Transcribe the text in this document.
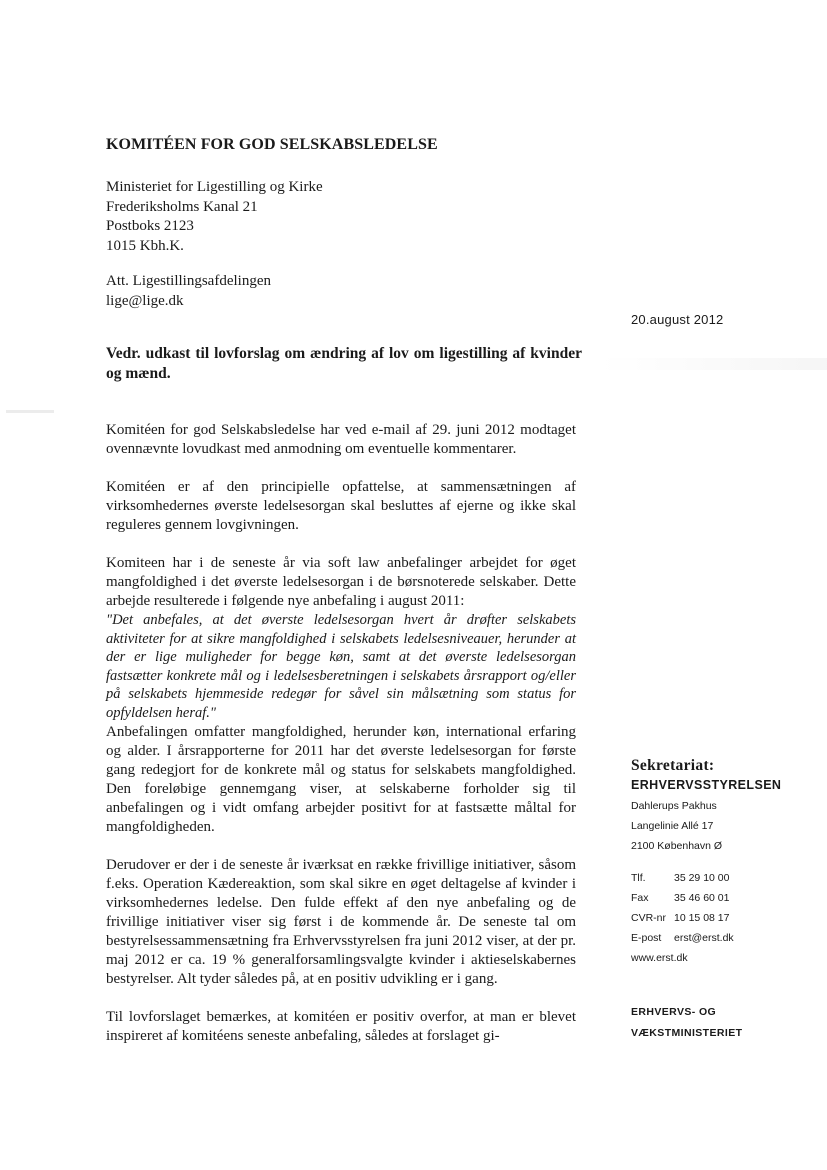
KOMITÉEN FOR GOD SELSKABSLEDELSE
Ministeriet for Ligestilling og Kirke
Frederiksholms Kanal 21
Postboks 2123
1015 Kbh.K.
Att. Ligestillingsafdelingen
lige@lige.dk
20.august 2012
Vedr. udkast til lovforslag om ændring af lov om ligestilling af kvinder og mænd.

Komitéen for god Selskabsledelse har ved e-mail af 29. juni 2012 modtaget ovennævnte lovudkast med anmodning om eventuelle kommentarer.

Komitéen er af den principielle opfattelse, at sammensætningen af virksomhedernes øverste ledelsesorgan skal besluttes af ejerne og ikke skal reguleres gennem lovgivningen.

Komiteen har i de seneste år via soft law anbefalinger arbejdet for øget mangfoldighed i det øverste ledelsesorgan i de børsnoterede selskaber. Dette arbejde resulterede i følgende nye anbefaling i august 2011:
"Det anbefales, at det øverste ledelsesorgan hvert år drøfter selskabets aktiviteter for at sikre mangfoldighed i selskabets ledelsesniveauer, herunder at der er lige muligheder for begge køn, samt at det øverste ledelsesorgan fastsætter konkrete mål og i ledelsesberetningen i selskabets årsrapport og/eller på selskabets hjemmeside redegør for såvel sin målsætning som status for opfyldelsen heraf."
Anbefalingen omfatter mangfoldighed, herunder køn, international erfaring og alder. I årsrapporterne for 2011 har det øverste ledelsesorgan for første gang redegjort for de konkrete mål og status for selskabets mangfoldighed. Den foreløbige gennemgang viser, at selskaberne forholder sig til anbefalingen og i vidt omfang arbejder positivt for at fastsætte måltal for mangfoldigheden.

Derudover er der i de seneste år iværksat en række frivillige initiativer, såsom f.eks. Operation Kædereaktion, som skal sikre en øget deltagelse af kvinder i virksomhedernes ledelse. Den fulde effekt af den nye anbefaling og de frivillige initiativer viser sig først i de kommende år. De seneste tal om bestyrelsessammensætning fra Erhvervsstyrelsen fra juni 2012 viser, at der pr. maj 2012 er ca. 19 % generalforsamlingsvalgte kvinder i aktieselskabernes bestyrelser. Alt tyder således på, at en positiv udvikling er i gang.

Til lovforslaget bemærkes, at komitéen er positiv overfor, at man er blevet inspireret af komitéens seneste anbefaling, således at forslaget gi-

Sekretariat:
ERHVERVSSTYRELSEN
Dahlerups Pakhus
Langelinie Allé 17
2100 København Ø
Tlf.	35 29 10 00
Fax	35 46 60 01
CVR-nr 10 15 08 17
E-post	erst@erst.dk
www.erst.dk
ERHVERVS- OG
VÆKSTMINISTERIET
